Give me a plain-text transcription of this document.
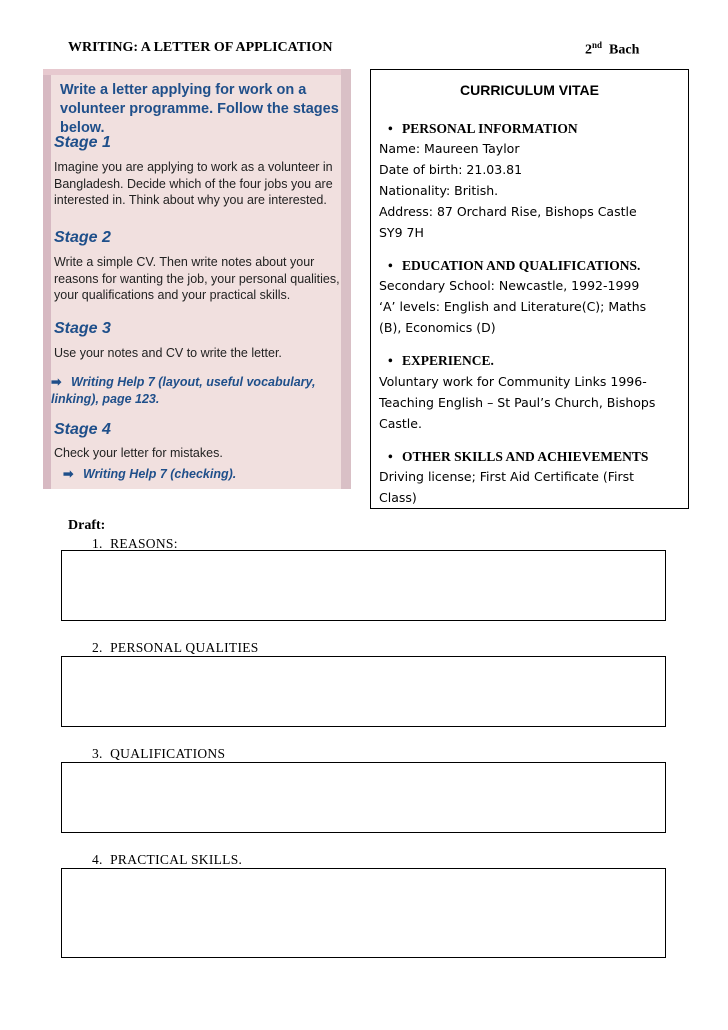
WRITING: A LETTER OF APPLICATION	2nd Bach
Write a letter applying for work on a volunteer programme. Follow the stages below.
Stage 1
Imagine you are applying to work as a volunteer in Bangladesh. Decide which of the four jobs you are interested in. Think about why you are interested.
Stage 2
Write a simple CV. Then write notes about your reasons for wanting the job, your personal qualities, your qualifications and your practical skills.
Stage 3
Use your notes and CV to write the letter.
➡ Writing Help 7 (layout, useful vocabulary, linking), page 123.
Stage 4
Check your letter for mistakes.
➡ Writing Help 7 (checking).
CURRICULUM VITAE
• PERSONAL INFORMATION
Name: Maureen Taylor
Date of birth: 21.03.81
Nationality: British.
Address: 87 Orchard Rise, Bishops Castle
SY9 7H
• EDUCATION AND QUALIFICATIONS.
Secondary School: Newcastle, 1992-1999
‘A’ levels: English and Literature(C); Maths
(B), Economics (D)
• EXPERIENCE.
Voluntary work for Community Links 1996-
Teaching English – St Paul’s Church, Bishops
Castle.
• OTHER SKILLS AND ACHIEVEMENTS
Driving license; First Aid Certificate (First
Class)
Draft:
1. REASONS:
2. PERSONAL QUALITIES
3. QUALIFICATIONS
4. PRACTICAL SKILLS.
